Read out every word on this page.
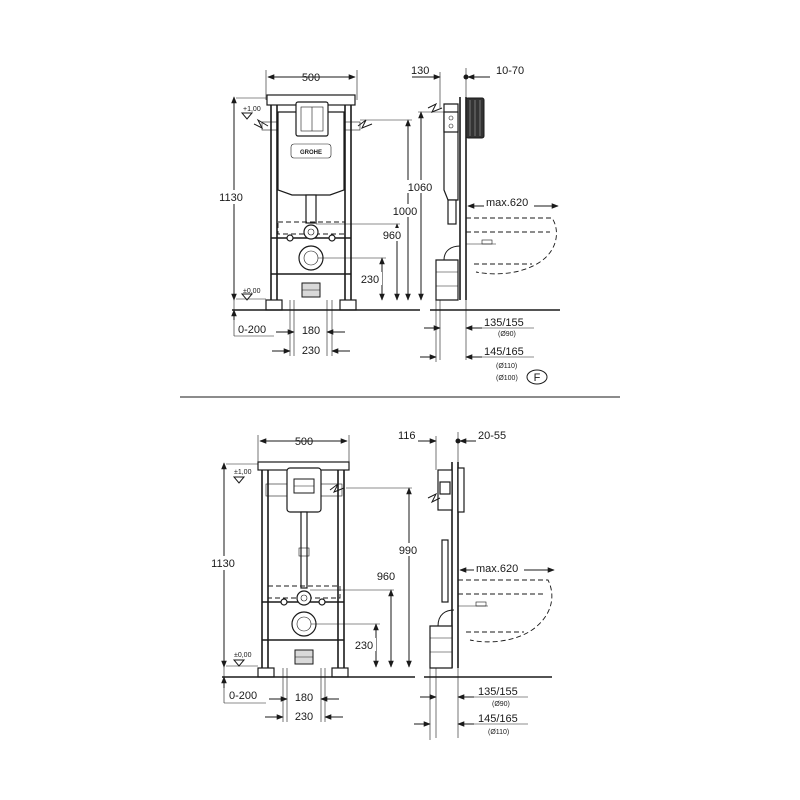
500
GROHE
+1,00
±0,00
1130
0-200	180
230
230
960
1000
130	10-70
1060
max.620
135/155
(Ø90)
145/165
(Ø110)
(Ø100) F
500
±1,00
±0,00
1130
0-200	180
230
230
960
990
116	20-55
max.620
135/155
(Ø90)
145/165
(Ø110)
